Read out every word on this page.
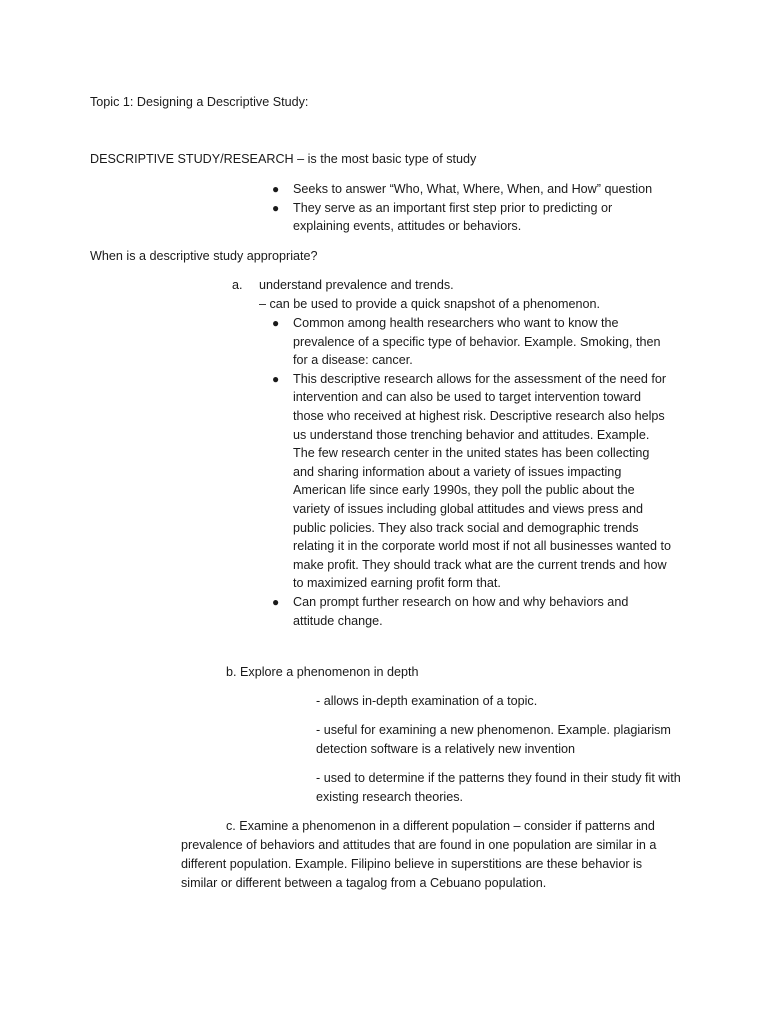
Topic 1: Designing a Descriptive Study:
DESCRIPTIVE STUDY/RESEARCH – is the most basic type of study
● Seeks to answer “Who, What, Where, When, and How” question
● They serve as an important first step prior to predicting or explaining events, attitudes or behaviors.
When is a descriptive study appropriate?
a. understand prevalence and trends.
– can be used to provide a quick snapshot of a phenomenon.
● Common among health researchers who want to know the prevalence of a specific type of behavior. Example. Smoking, then for a disease: cancer.
● This descriptive research allows for the assessment of the need for intervention and can also be used to target intervention toward those who received at highest risk. Descriptive research also helps us understand those trenching behavior and attitudes. Example. The few research center in the united states has been collecting and sharing information about a variety of issues impacting American life since early 1990s, they poll the public about the variety of issues including global attitudes and views press and public policies. They also track social and demographic trends relating it in the corporate world most if not all businesses wanted to make profit. They should track what are the current trends and how to maximized earning profit form that.
● Can prompt further research on how and why behaviors and attitude change.
b. Explore a phenomenon in depth
- allows in-depth examination of a topic.
- useful for examining a new phenomenon. Example. plagiarism detection software is a relatively new invention
- used to determine if the patterns they found in their study fit with existing research theories.
c. Examine a phenomenon in a different population – consider if patterns and prevalence of behaviors and attitudes that are found in one population are similar in a different population. Example. Filipino believe in superstitions are these behavior is similar or different between a tagalog from a Cebuano population.
